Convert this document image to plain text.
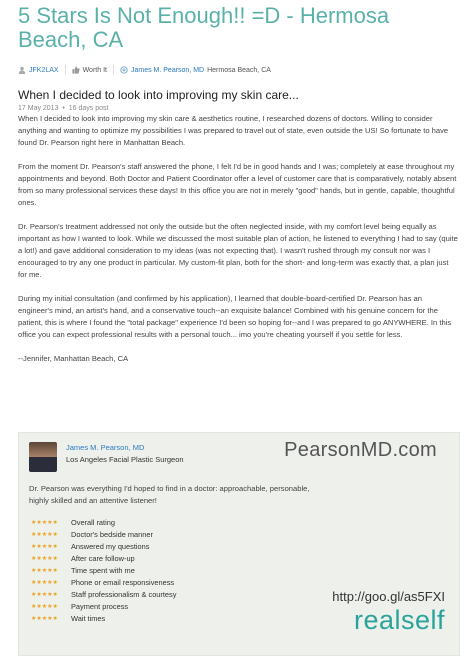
5 Stars Is Not Enough!! =D - Hermosa Beach, CA
JFK2LAX	Worth It	James M. Pearson, MD Hermosa Beach, CA
When I decided to look into improving my skin care...
17 May 2013  •  16 days post

When I decided to look into improving my skin care & aesthetics routine, I researched dozens of doctors. Willing to consider anything and wanting to optimize my possibilities I was prepared to travel out of state, even outside the US! So fortunate to have found Dr. Pearson right here in Manhattan Beach.

From the moment Dr. Pearson's staff answered the phone, I felt I'd be in good hands and I was; completely at ease throughout my appointments and beyond. Both Doctor and Patient Coordinator offer a level of customer care that is comparatively, notably absent from so many professional services these days! In this office you are not in merely "good" hands, but in gentle, capable, thoughtful ones.

Dr. Pearson's treatment addressed not only the outside but the often neglected inside, with my comfort level being equally as important as how I wanted to look. While we discussed the most suitable plan of action, he listened to everything I had to say (quite a lot!) and gave additional consideration to my ideas (was not expecting that). I wasn't rushed through my consult nor was I encouraged to try any one product in particular. My custom-fit plan, both for the short- and long-term was exactly that, a plan just for me.

During my initial consultation (and confirmed by his application), I learned that double-board-certified Dr. Pearson has an engineer's mind, an artist's hand, and a conservative touch--an exquisite balance! Combined with his genuine concern for the patient, this is where I found the "total package" experience I'd been so hoping for--and I was prepared to go ANYWHERE. In this office you can expect professional results with a personal touch... imo you're cheating yourself if you settle for less.

--Jennifer, Manhattan Beach, CA

James M. Pearson, MD
Los Angeles Facial Plastic Surgeon	PearsonMD.com
Dr. Pearson was everything I'd hoped to find in a doctor: approachable, personable, highly skilled and an attentive listener!
★★★★★	Overall rating
★★★★★	Doctor's bedside manner
★★★★★	Answered my questions
★★★★★	After care follow-up
★★★★★	Time spent with me
★★★★★	Phone or email responsiveness
★★★★★	Staff professionalism & courtesy
★★★★★	Payment process
★★★★★	Wait times
http://goo.gl/as5FXI
realself
